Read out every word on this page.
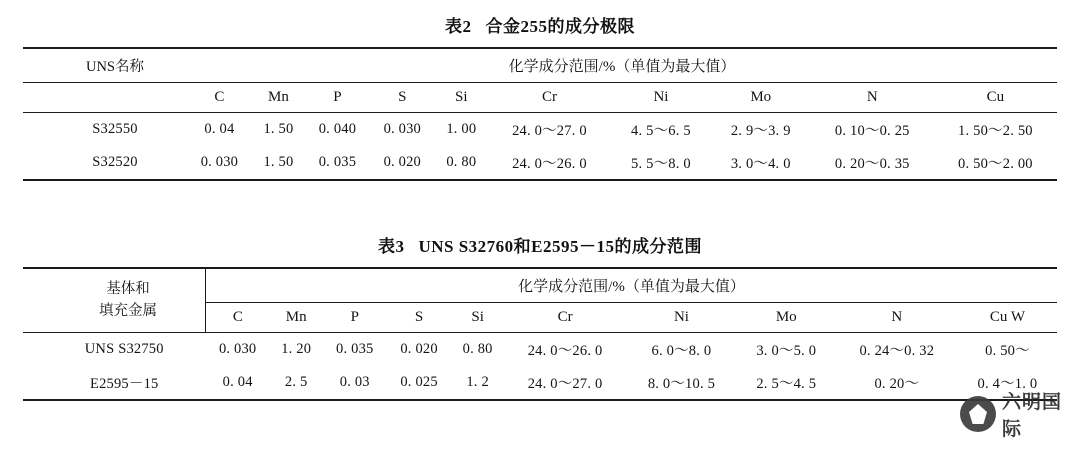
表2 合金255的成分极限
UNS名称	化学成分范围/%（单值为最大值）									
	C	Mn	P	S	Si	Cr	Ni	Mo	N	Cu
S32550	0. 04	1. 50	0. 040	0. 030	1. 00	24. 0～27. 0	4. 5～6. 5	2. 9～3. 9	0. 10～0. 25	1. 50～2. 50
S32520	0. 030	1. 50	0. 035	0. 020	0. 80	24. 0～26. 0	5. 5～8. 0	3. 0～4. 0	0. 20～0. 35	0. 50～2. 00
表3 UNS S32760和E2595－15的成分范围
基体和
填充金属	化学成分范围/%（单值为最大值）									
	C	Mn	P	S	Si	Cr	Ni	Mo	N	Cu W
UNS S32750	0. 030	1. 20	0. 035	0. 020	0. 80	24. 0～26. 0	6. 0～8. 0	3. 0～5. 0	0. 24～0. 32	0. 50～
E2595－15	0. 04	2. 5	0. 03	0. 025	1. 2	24. 0～27. 0	8. 0～10. 5	2. 5～4. 5	0. 20～	0. 4～1. 0
六明国际
